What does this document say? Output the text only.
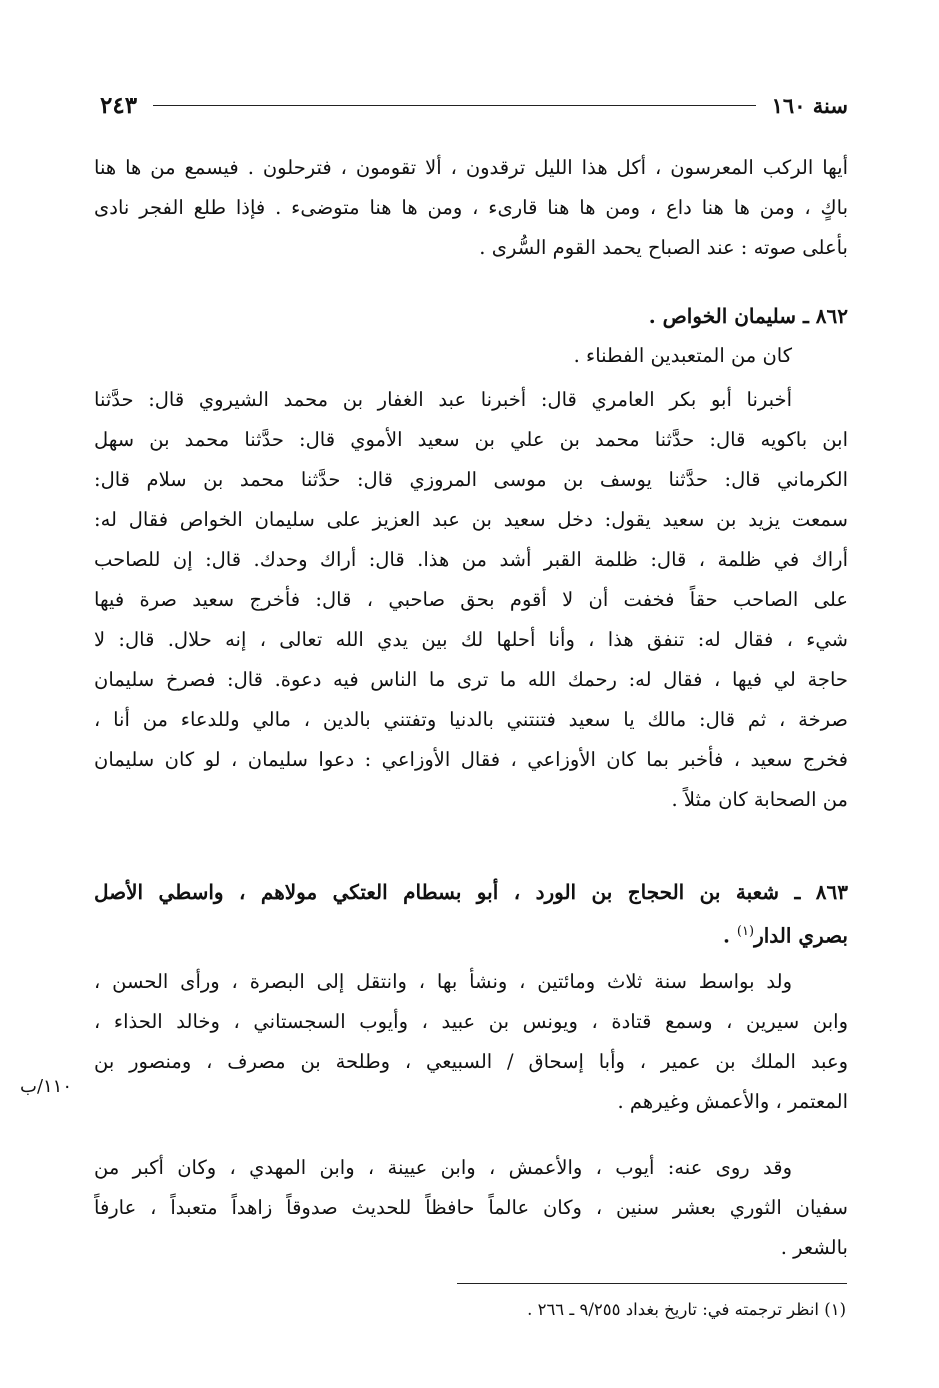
سنة ١٦٠
٢٤٣
أيها الركب المعرسون ، أكل هذا الليل ترقدون ، ألا تقومون ، فترحلون . فيسمع من ها هنا
باكٍ ، ومن ها هنا داع ، ومن ها هنا قارىء ، ومن ها هنا متوضىء . فإذا طلع الفجر نادى
بأعلى صوته : عند الصباح يحمد القوم السُّرى .
٨٦٢ ـ سليمان الخواص .
كان من المتعبدين الفطناء .
أخبرنا أبو بكر العامري قال: أخبرنا عبد الغفار بن محمد الشيروي قال: حدَّثنا
ابن باكويه قال: حدَّثنا محمد بن علي بن سعيد الأموي قال: حدَّثنا محمد بن سهل
الكرماني قال: حدَّثنا يوسف بن موسى المروزي قال: حدَّثنا محمد بن سلام قال:
سمعت يزيد بن سعيد يقول: دخل سعيد بن عبد العزيز على سليمان الخواص فقال له:
أراك في ظلمة ، قال: ظلمة القبر أشد من هذا. قال: أراك وحدك. قال: إن للصاحب
على الصاحب حقاً فخفت أن لا أقوم بحق صاحبي ، قال: فأخرج سعيد صرة فيها
شيء ، فقال له: تنفق هذا ، وأنا أحلها لك بين يدي الله تعالى ، إنه حلال. قال: لا
حاجة لي فيها ، فقال له: رحمك الله ما ترى ما الناس فيه دعوة. قال: فصرخ سليمان
صرخة ، ثم قال: مالك يا سعيد فتنتني بالدنيا وتفتني بالدين ، مالي وللدعاء من أنا ،
فخرج سعيد ، فأخبر بما كان الأوزاعي ، فقال الأوزاعي : دعوا سليمان ، لو كان سليمان
من الصحابة كان مثلاً .
٨٦٣ ـ شعبة بن الحجاج بن الورد ، أبو بسطام العتكي مولاهم ، واسطي الأصل
بصري الدار$^{(١)}$ .
ولد بواسط سنة ثلاث ومائتين ، ونشأ بها ، وانتقل إلى البصرة ، ورأى الحسن ،
وابن سيرين ، وسمع قتادة ، ويونس بن عبيد ، وأيوب السجستاني ، وخالد الحذاء ،
وعبد الملك بن عمير ، وأبا إسحاق / السبيعي ، وطلحة بن مصرف ، ومنصور بن
المعتمر ، والأعمش وغيرهم .
١١٠/ب
وقد روى عنه: أيوب ، والأعمش ، وابن عيينة ، وابن المهدي ، وكان أكبر من
سفيان الثوري بعشر سنين ، وكان عالماً حافظاً للحديث صدوقاً زاهداً متعبداً ، عارفاً
بالشعر .
(١) انظر ترجمته في: تاريخ بغداد ٩/٢٥٥ ـ ٢٦٦ .
